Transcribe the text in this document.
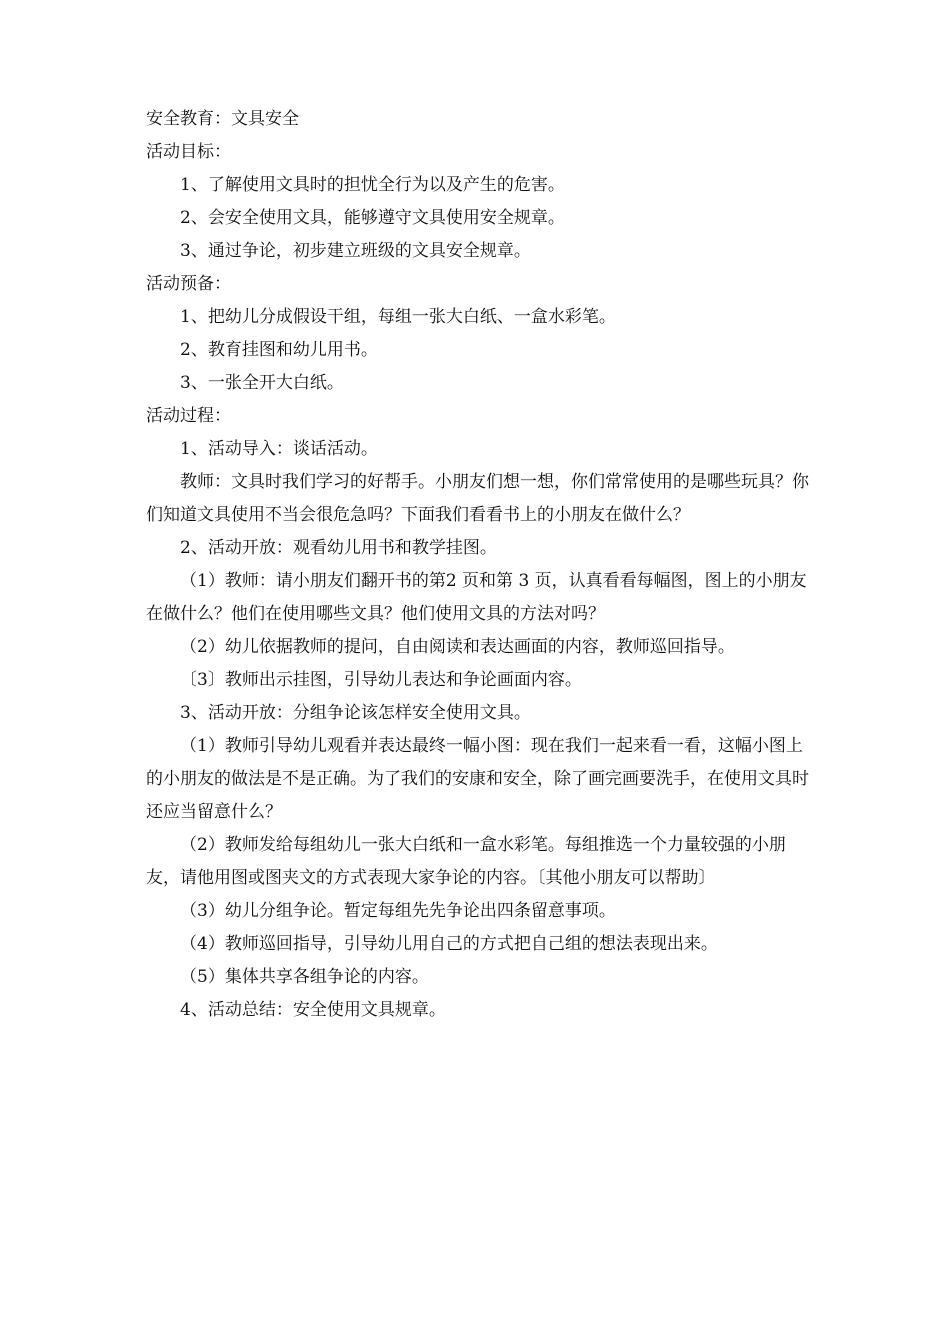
安全教育：文具安全

活动目标：

1、了解使用文具时的担忧全行为以及产生的危害。

2、会安全使用文具，能够遵守文具使用安全规章。

3、通过争论，初步建立班级的文具安全规章。

活动预备：

1、把幼儿分成假设干组，每组一张大白纸、一盒水彩笔。

2、教育挂图和幼儿用书。

3、一张全开大白纸。

活动过程：

1、活动导入：谈话活动。

教师：文具时我们学习的好帮手。小朋友们想一想，你们常常使用的是哪些玩具？你们知道文具使用不当会很危急吗？下面我们看看书上的小朋友在做什么？

2、活动开放：观看幼儿用书和教学挂图。

（1）教师：请小朋友们翻开书的第2 页和第 3 页，认真看看每幅图，图上的小朋友在做什么？他们在使用哪些文具？他们使用文具的方法对吗？

（2）幼儿依据教师的提问，自由阅读和表达画面的内容，教师巡回指导。

〔3〕教师出示挂图，引导幼儿表达和争论画面内容。

3、活动开放：分组争论该怎样安全使用文具。

（1）教师引导幼儿观看并表达最终一幅小图：现在我们一起来看一看，这幅小图上的小朋友的做法是不是正确。为了我们的安康和安全，除了画完画要洗手，在使用文具时还应当留意什么？

（2）教师发给每组幼儿一张大白纸和一盒水彩笔。每组推选一个力量较强的小朋友，请他用图或图夹文的方式表现大家争论的内容。〔其他小朋友可以帮助〕

（3）幼儿分组争论。暂定每组先先争论出四条留意事项。

（4）教师巡回指导，引导幼儿用自己的方式把自己组的想法表现出来。

（5）集体共享各组争论的内容。

4、活动总结：安全使用文具规章。
